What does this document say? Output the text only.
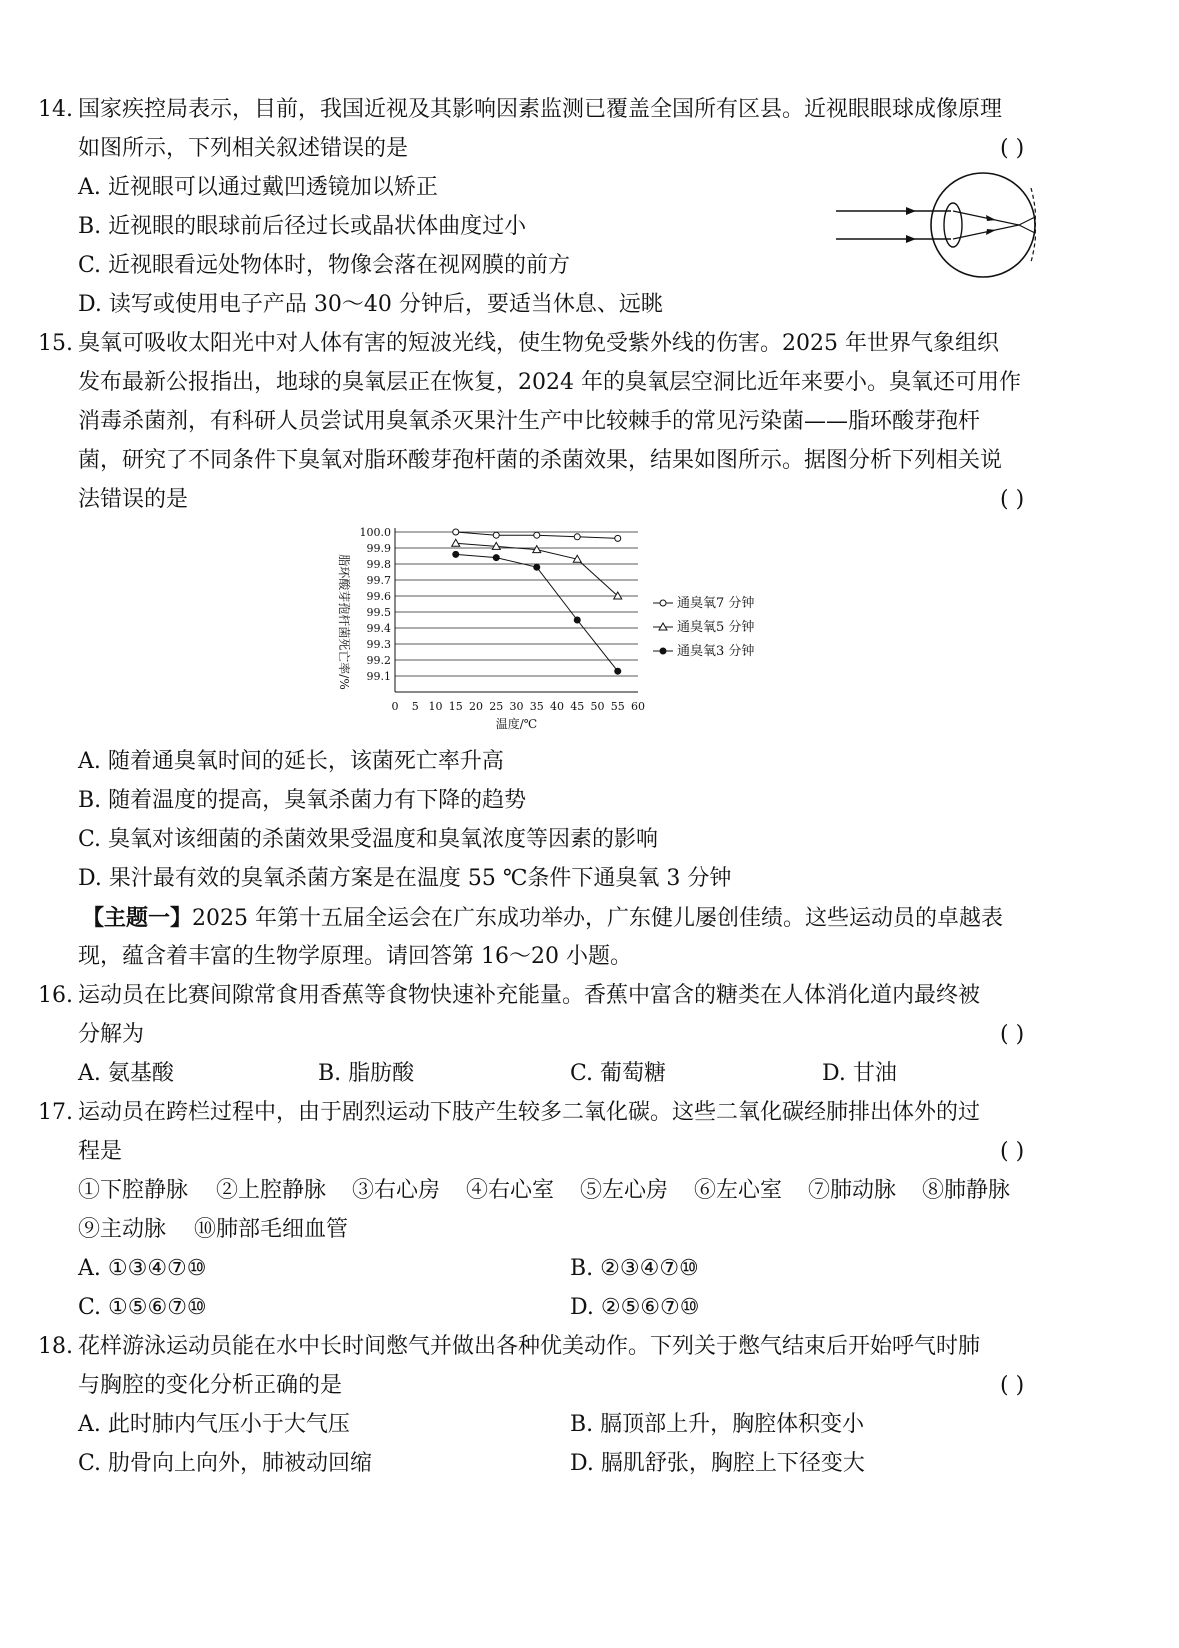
14. 国家疾控局表示，目前，我国近视及其影响因素监测已覆盖全国所有区县。近视眼眼球成像原理
如图所示，下列相关叙述错误的是	( )
A. 近视眼可以通过戴凹透镜加以矫正
B. 近视眼的眼球前后径过长或晶状体曲度过小
C. 近视眼看远处物体时，物像会落在视网膜的前方
D. 读写或使用电子产品 30～40 分钟后，要适当休息、远眺
15. 臭氧可吸收太阳光中对人体有害的短波光线，使生物免受紫外线的伤害。2025 年世界气象组织
发布最新公报指出，地球的臭氧层正在恢复，2024 年的臭氧层空洞比近年来要小。臭氧还可用作
消毒杀菌剂，有科研人员尝试用臭氧杀灭果汁生产中比较棘手的常见污染菌——脂环酸芽孢杆
菌，研究了不同条件下臭氧对脂环酸芽孢杆菌的杀菌效果，结果如图所示。据图分析下列相关说
法错误的是	( )
100.0
99.9
99.8
99.7
99.6
99.5
99.4
99.3
99.2
99.1
0 5 10 15 20 25 30 35 40 45 50 55 60
温度/℃
脂环酸芽孢杆菌死亡率/%	通臭氧7 分钟
通臭氧5 分钟
通臭氧3 分钟
A. 随着通臭氧时间的延长，该菌死亡率升高
B. 随着温度的提高，臭氧杀菌力有下降的趋势
C. 臭氧对该细菌的杀菌效果受温度和臭氧浓度等因素的影响
D. 果汁最有效的臭氧杀菌方案是在温度 55 ℃条件下通臭氧 3 分钟
【主题一】2025 年第十五届全运会在广东成功举办，广东健儿屡创佳绩。这些运动员的卓越表
现，蕴含着丰富的生物学原理。请回答第 16～20 小题。
16. 运动员在比赛间隙常食用香蕉等食物快速补充能量。香蕉中富含的糖类在人体消化道内最终被
分解为	( )
A. 氨基酸	B. 脂肪酸	C. 葡萄糖	D. 甘油
17. 运动员在跨栏过程中，由于剧烈运动下肢产生较多二氧化碳。这些二氧化碳经肺排出体外的过
程是	( )
①下腔静脉 ②上腔静脉 ③右心房 ④右心室 ⑤左心房 ⑥左心室 ⑦肺动脉 ⑧肺静脉
⑨主动脉 ⑩肺部毛细血管
A. ①③④⑦⑩	B. ②③④⑦⑩
C. ①⑤⑥⑦⑩	D. ②⑤⑥⑦⑩
18. 花样游泳运动员能在水中长时间憋气并做出各种优美动作。下列关于憋气结束后开始呼气时肺
与胸腔的变化分析正确的是	( )
A. 此时肺内气压小于大气压	B. 膈顶部上升，胸腔体积变小
C. 肋骨向上向外，肺被动回缩	D. 膈肌舒张，胸腔上下径变大
